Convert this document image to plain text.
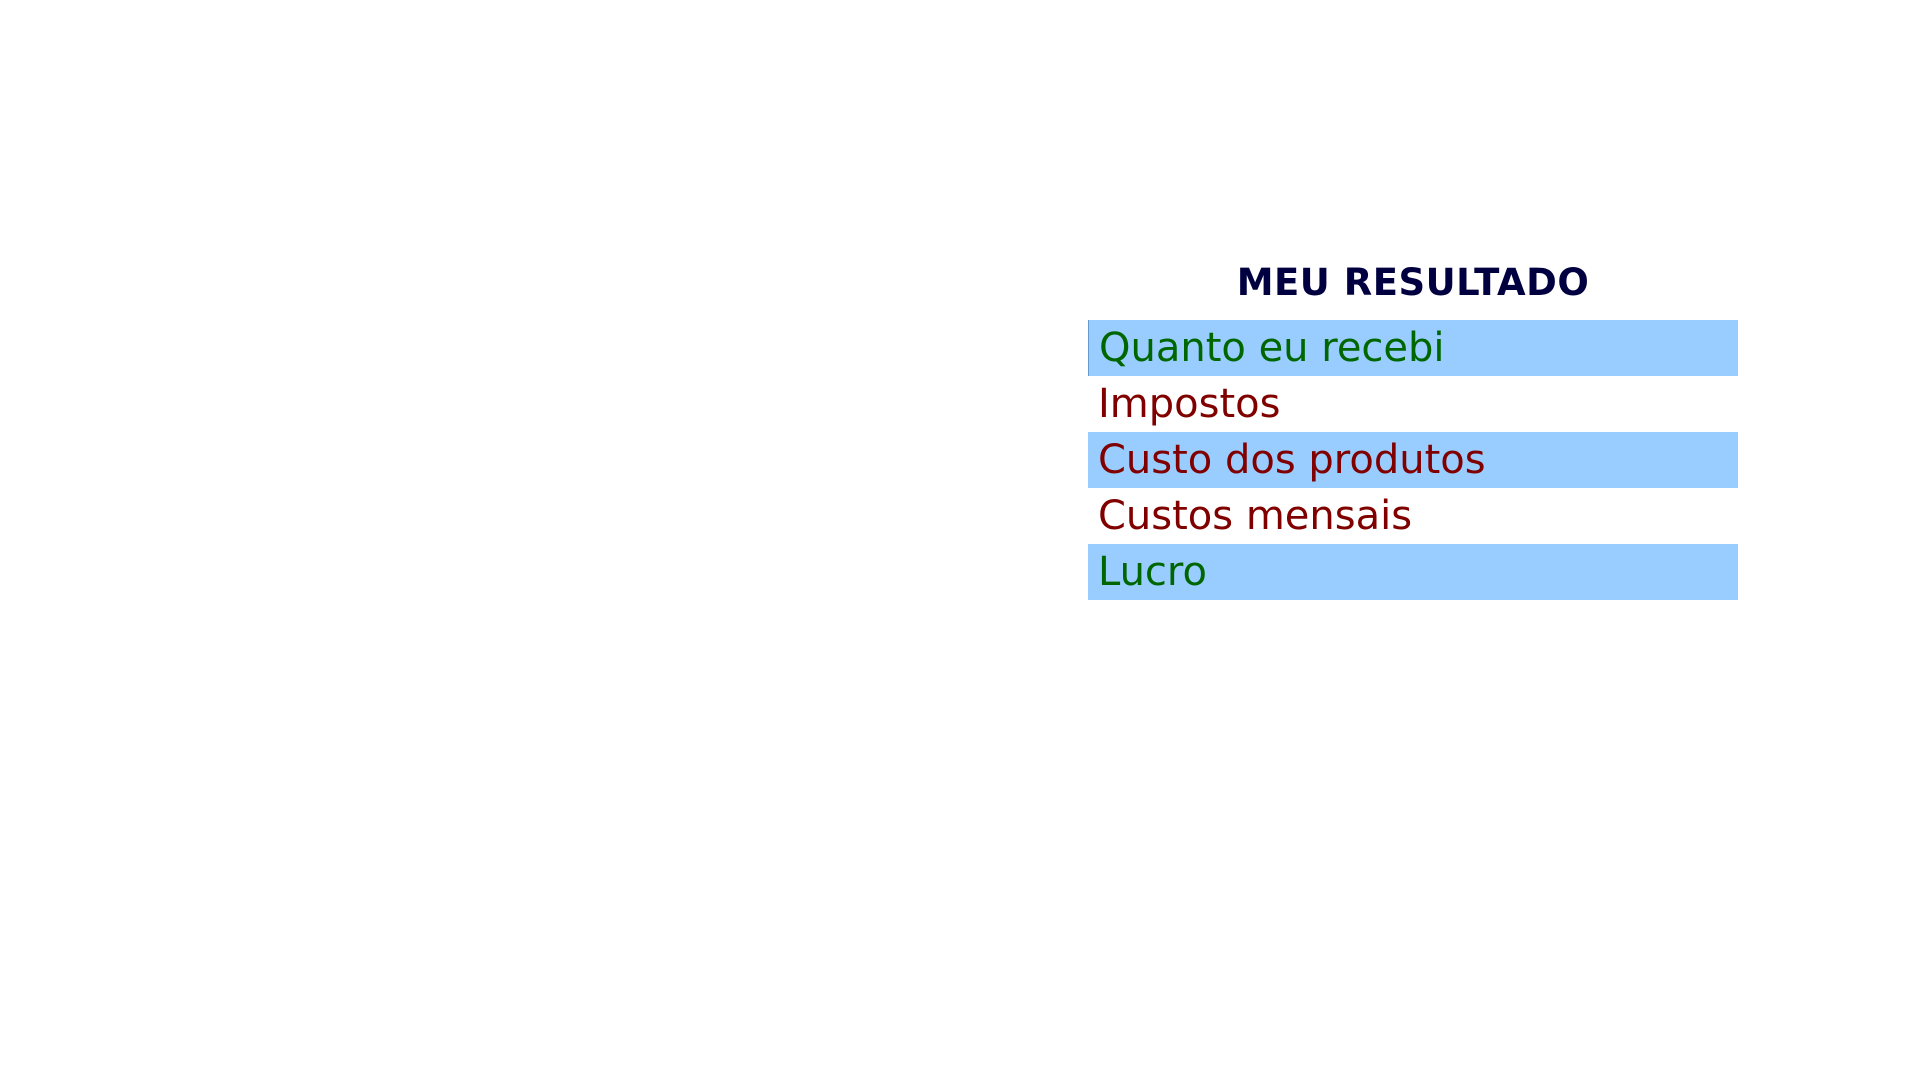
MEU RESULTADO
Quanto eu recebi
Impostos
Custo dos produtos
Custos mensais
Lucro
